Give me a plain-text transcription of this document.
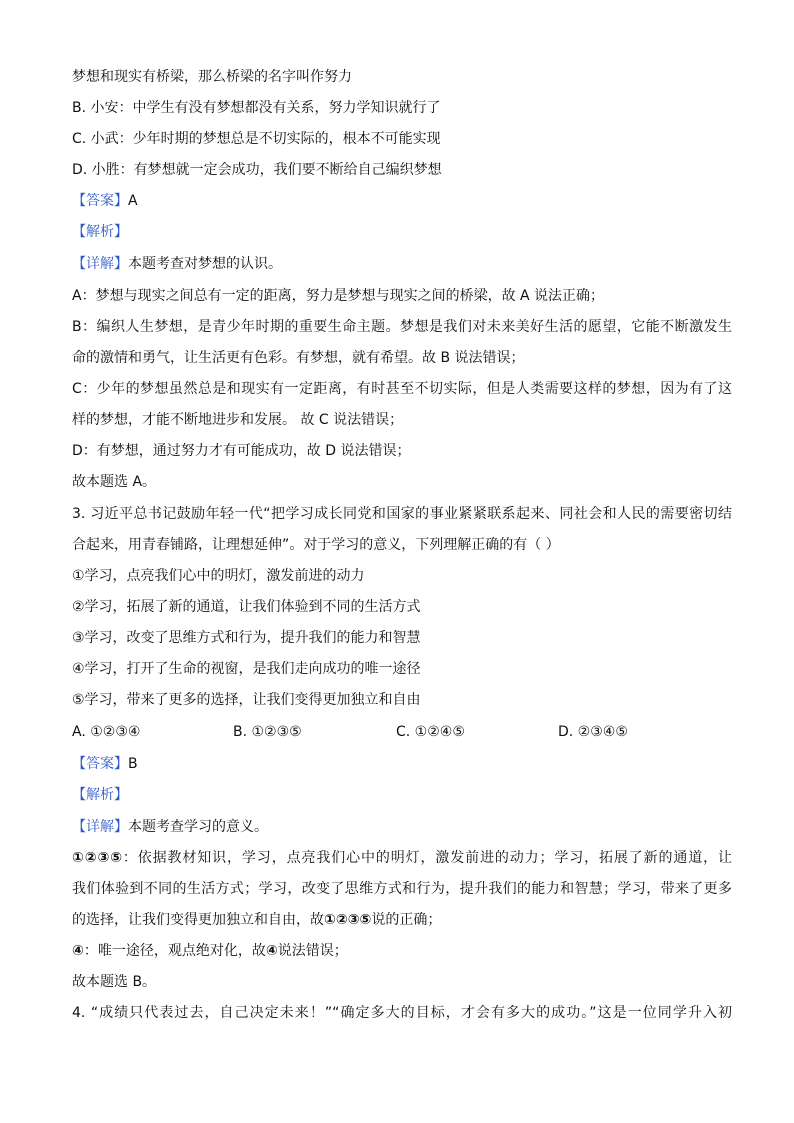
梦想和现实有桥梁，那么桥梁的名字叫作努力
B. 小安：中学生有没有梦想都没有关系，努力学知识就行了
C. 小武：少年时期的梦想总是不切实际的，根本不可能实现
D. 小胜：有梦想就一定会成功，我们要不断给自己编织梦想
【答案】A
【解析】
【详解】本题考查对梦想的认识。
A：梦想与现实之间总有一定的距离，努力是梦想与现实之间的桥梁，故 A 说法正确；
B：编织人生梦想，是青少年时期的重要生命主题。梦想是我们对未来美好生活的愿望，它能不断激发生
命的激情和勇气，让生活更有色彩。有梦想，就有希望。故 B 说法错误；
C：少年的梦想虽然总是和现实有一定距离，有时甚至不切实际，但是人类需要这样的梦想，因为有了这
样的梦想，才能不断地进步和发展。 故 C 说法错误；
D：有梦想，通过努力才有可能成功，故 D 说法错误；
故本题选 A。
3. 习近平总书记鼓励年轻一代“把学习成长同党和国家的事业紧紧联系起来、同社会和人民的需要密切结
合起来，用青春铺路，让理想延伸”。对于学习的意义，下列理解正确的有（ ）
①学习，点亮我们心中的明灯，激发前进的动力
②学习，拓展了新的通道，让我们体验到不同的生活方式
③学习，改变了思维方式和行为，提升我们的能力和智慧
④学习，打开了生命的视窗，是我们走向成功的唯一途径
⑤学习，带来了更多的选择，让我们变得更加独立和自由
A. ①②③④	B. ①②③⑤	C. ①②④⑤	D. ②③④⑤
【答案】B
【解析】
【详解】本题考查学习的意义。
①②③⑤：依据教材知识，学习，点亮我们心中的明灯，激发前进的动力；学习，拓展了新的通道，让
我们体验到不同的生活方式；学习，改变了思维方式和行为，提升我们的能力和智慧；学习，带来了更多
的选择，让我们变得更加独立和自由，故①②③⑤说的正确；
④：唯一途径，观点绝对化，故④说法错误；
故本题选 B。
4. “成绩只代表过去，自己决定未来！”“确定多大的目标，才会有多大的成功。”这是一位同学升入初
